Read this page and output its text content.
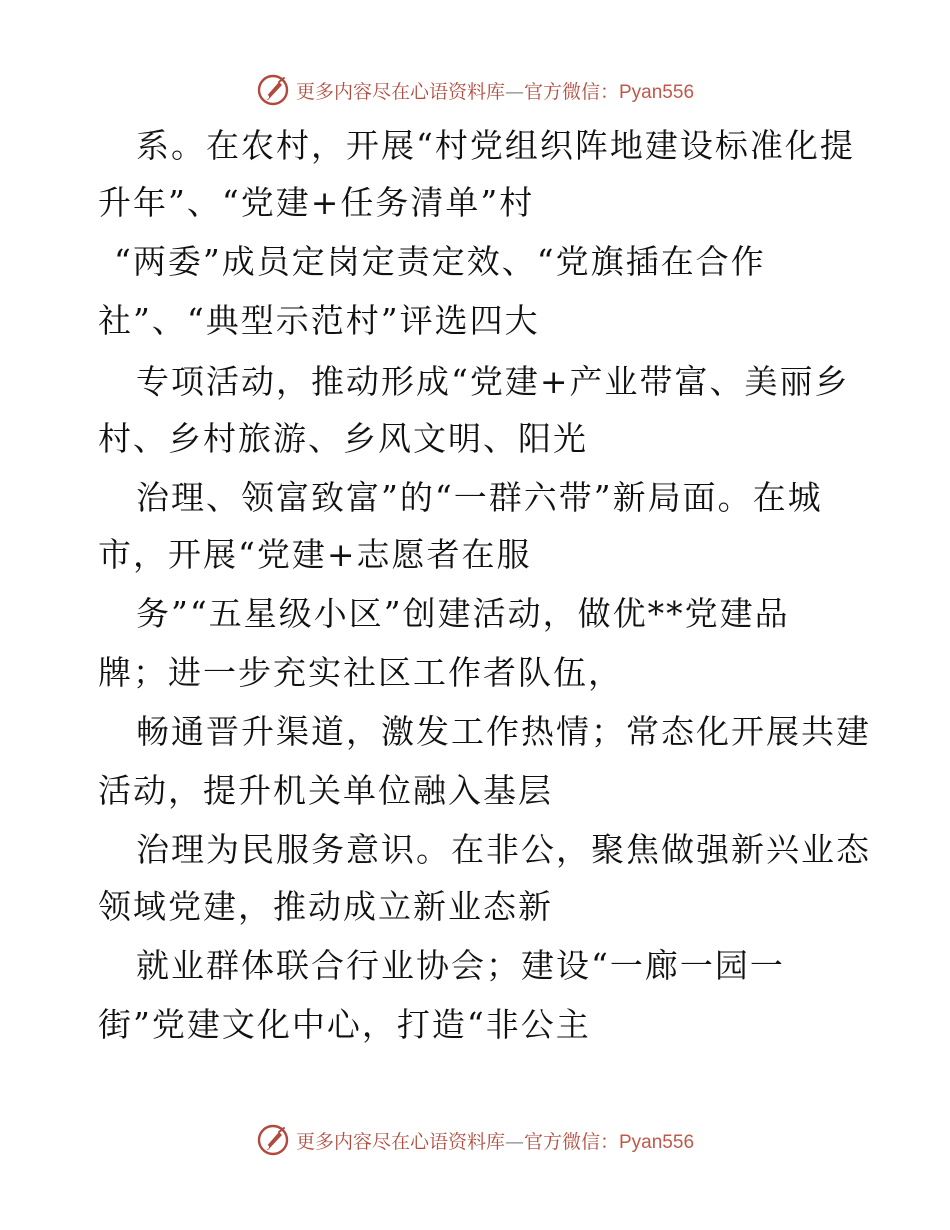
更多内容尽在心语资料库—官方微信：Pyan556
系。在农村，开展“村党组织阵地建设标准化提
升年”、“党建+任务清单”村
“两委”成员定岗定责定效、“党旗插在合作
社”、“典型示范村”评选四大
专项活动，推动形成“党建+产业带富、美丽乡
村、乡村旅游、乡风文明、阳光
治理、领富致富”的“一群六带”新局面。在城
市，开展“党建+志愿者在服
务”“五星级小区”创建活动，做优**党建品
牌；进一步充实社区工作者队伍，
畅通晋升渠道，激发工作热情；常态化开展共建
活动，提升机关单位融入基层
治理为民服务意识。在非公，聚焦做强新兴业态
领域党建，推动成立新业态新
就业群体联合行业协会；建设“一廊一园一
街”党建文化中心，打造“非公主
更多内容尽在心语资料库—官方微信：Pyan556
